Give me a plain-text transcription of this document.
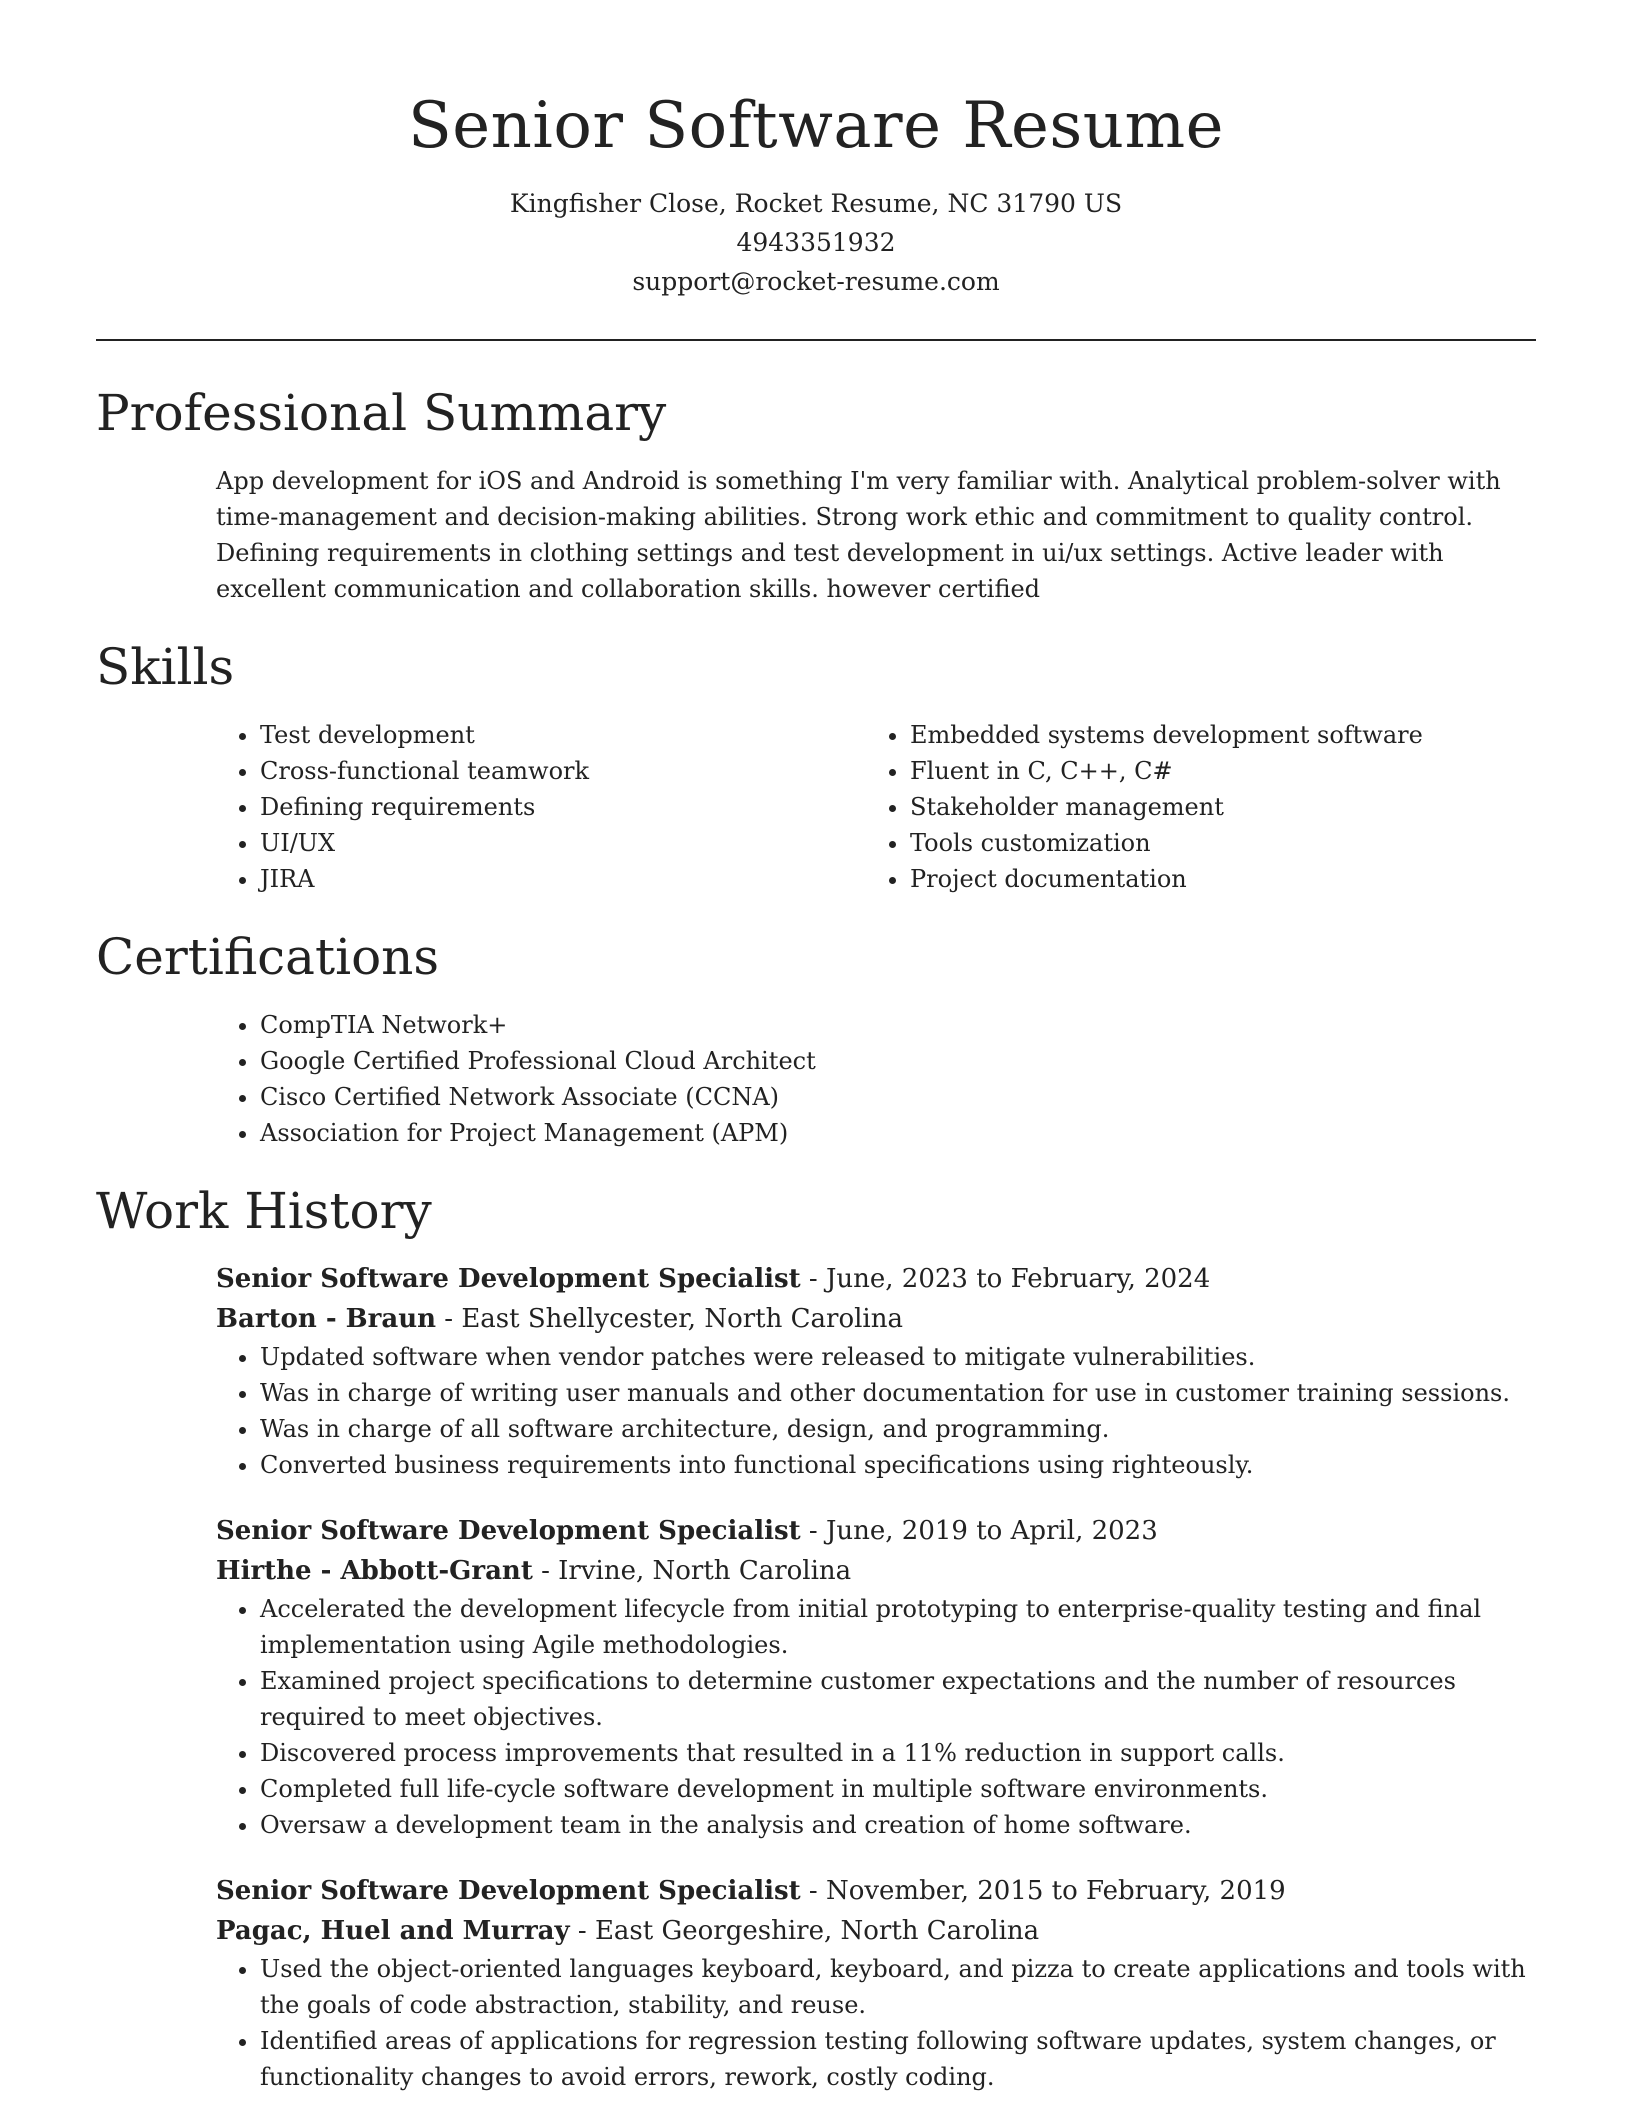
Senior Software Resume
Kingfisher Close, Rocket Resume, NC 31790 US
4943351932
support@rocket-resume.com
Professional Summary
App development for iOS and Android is something I'm very familiar with. Analytical problem-solver with time-management and decision-making abilities. Strong work ethic and commitment to quality control. Defining requirements in clothing settings and test development in ui/ux settings. Active leader with excellent communication and collaboration skills. however certified
Skills
• Test development
• Cross-functional teamwork
• Defining requirements
• UI/UX
• JIRA
• Embedded systems development software
• Fluent in C, C++, C#
• Stakeholder management
• Tools customization
• Project documentation
Certifications
• CompTIA Network+
• Google Certified Professional Cloud Architect
• Cisco Certified Network Associate (CCNA)
• Association for Project Management (APM)
Work History
Senior Software Development Specialist - June, 2023 to February, 2024
Barton - Braun - East Shellycester, North Carolina
• Updated software when vendor patches were released to mitigate vulnerabilities.
• Was in charge of writing user manuals and other documentation for use in customer training sessions.
• Was in charge of all software architecture, design, and programming.
• Converted business requirements into functional specifications using righteously.
Senior Software Development Specialist - June, 2019 to April, 2023
Hirthe - Abbott-Grant - Irvine, North Carolina
• Accelerated the development lifecycle from initial prototyping to enterprise-quality testing and final implementation using Agile methodologies.
• Examined project specifications to determine customer expectations and the number of resources required to meet objectives.
• Discovered process improvements that resulted in a 11% reduction in support calls.
• Completed full life-cycle software development in multiple software environments.
• Oversaw a development team in the analysis and creation of home software.
Senior Software Development Specialist - November, 2015 to February, 2019
Pagac, Huel and Murray - East Georgeshire, North Carolina
• Used the object-oriented languages keyboard, keyboard, and pizza to create applications and tools with the goals of code abstraction, stability, and reuse.
• Identified areas of applications for regression testing following software updates, system changes, or functionality changes to avoid errors, rework, costly coding.
